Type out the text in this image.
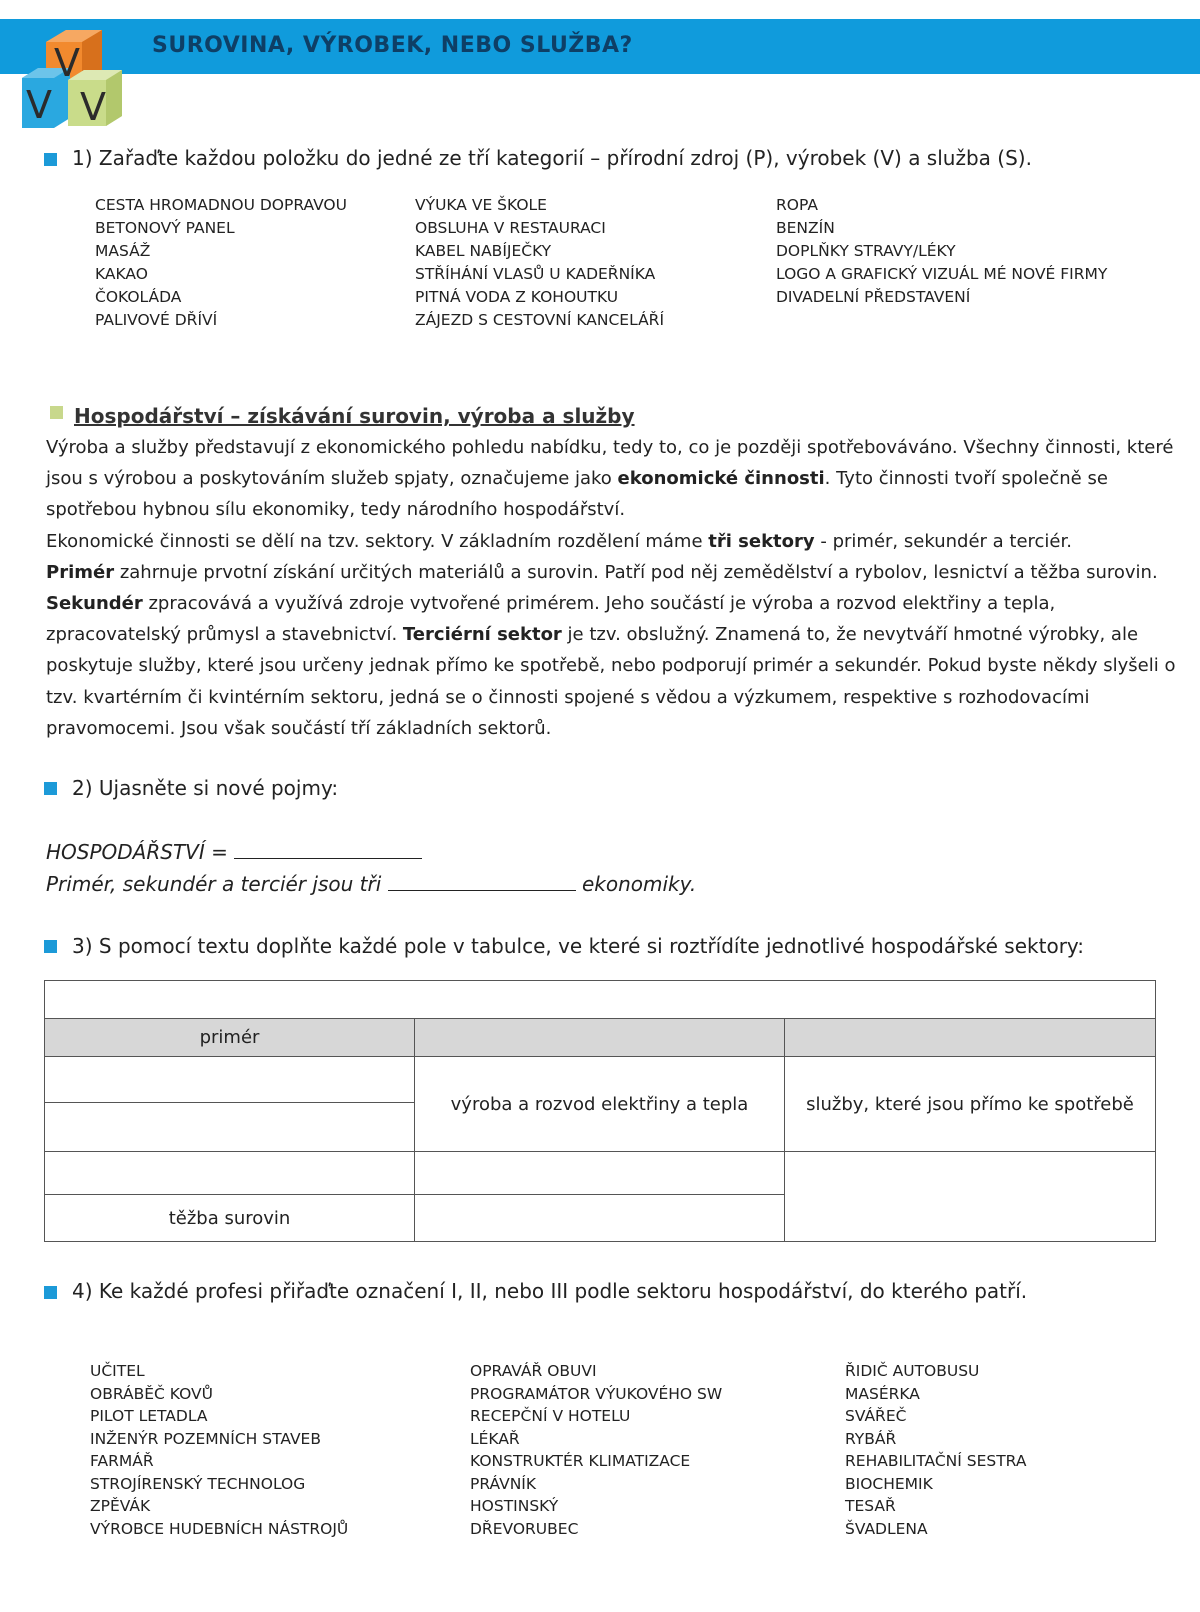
SUROVINA, VÝROBEK, NEBO SLUŽBA?
V
V V
1) Zařaďte každou položku do jedné ze tří kategorií – přírodní zdroj (P), výrobek (V) a služba (S).
CESTA HROMADNOU DOPRAVOU
BETONOVÝ PANEL
MASÁŽ
KAKAO
ČOKOLÁDA
PALIVOVÉ DŘÍVÍ
VÝUKA VE ŠKOLE
OBSLUHA V RESTAURACI
KABEL NABÍJEČKY
STŘÍHÁNÍ VLASŮ U KADEŘNÍKA
PITNÁ VODA Z KOHOUTKU
ZÁJEZD S CESTOVNÍ KANCELÁŘÍ
ROPA
BENZÍN
DOPLŇKY STRAVY/LÉKY
LOGO A GRAFICKÝ VIZUÁL MÉ NOVÉ FIRMY
DIVADELNÍ PŘEDSTAVENÍ
Hospodářství – získávání surovin, výroba a služby

Výroba a služby představují z ekonomického pohledu nabídku, tedy to, co je později spotřebováváno. Všechny činnosti, které jsou s výrobou a poskytováním služeb spjaty, označujeme jako ekonomické činnosti. Tyto činnosti tvoří společně se spotřebou hybnou sílu ekonomiky, tedy národního hospodářství.

Ekonomické činnosti se dělí na tzv. sektory. V základním rozdělení máme tři sektory - primér, sekundér a terciér.

Primér zahrnuje prvotní získání určitých materiálů a surovin. Patří pod něj zemědělství a rybolov, lesnictví a těžba surovin. Sekundér zpracovává a využívá zdroje vytvořené primérem. Jeho součástí je výroba a rozvod elektřiny a tepla, zpracovatelský průmysl a stavebnictví. Terciérní sektor je tzv. obslužný. Znamená to, že nevytváří hmotné výrobky, ale poskytuje služby, které jsou určeny jednak přímo ke spotřebě, nebo podporují primér a sekundér. Pokud byste někdy slyšeli o tzv. kvartérním či kvintérním sektoru, jedná se o činnosti spojené s vědou a výzkumem, respektive s rozhodovacími pravomocemi. Jsou však součástí tří základních sektorů.

2) Ujasněte si nové pojmy:
HOSPODÁŘSTVÍ =
Primér, sekundér a terciér jsou tři	ekonomiky.
3) S pomocí textu doplňte každé pole v tabulce, ve které si roztřídíte jednotlivé hospodářské sektory:
primér
těžba surovin
výroba a rozvod elektřiny a tepla	služby, které jsou přímo ke spotřebě
4) Ke každé profesi přiřaďte označení I, II, nebo III podle sektoru hospodářství, do kterého patří.
UČITEL
OBRÁBĚČ KOVŮ
PILOT LETADLA
INŽENÝR POZEMNÍCH STAVEB
FARMÁŘ
STROJÍRENSKÝ TECHNOLOG
ZPĚVÁK
VÝROBCE HUDEBNÍCH NÁSTROJŮ
OPRAVÁŘ OBUVI
PROGRAMÁTOR VÝUKOVÉHO SW
RECEPČNÍ V HOTELU
LÉKAŘ
KONSTRUKTÉR KLIMATIZACE
PRÁVNÍK
HOSTINSKÝ
DŘEVORUBEC
ŘIDIČ AUTOBUSU
MASÉRKA
SVÁŘEČ
RYBÁŘ
REHABILITAČNÍ SESTRA
BIOCHEMIK
TESAŘ
ŠVADLENA
